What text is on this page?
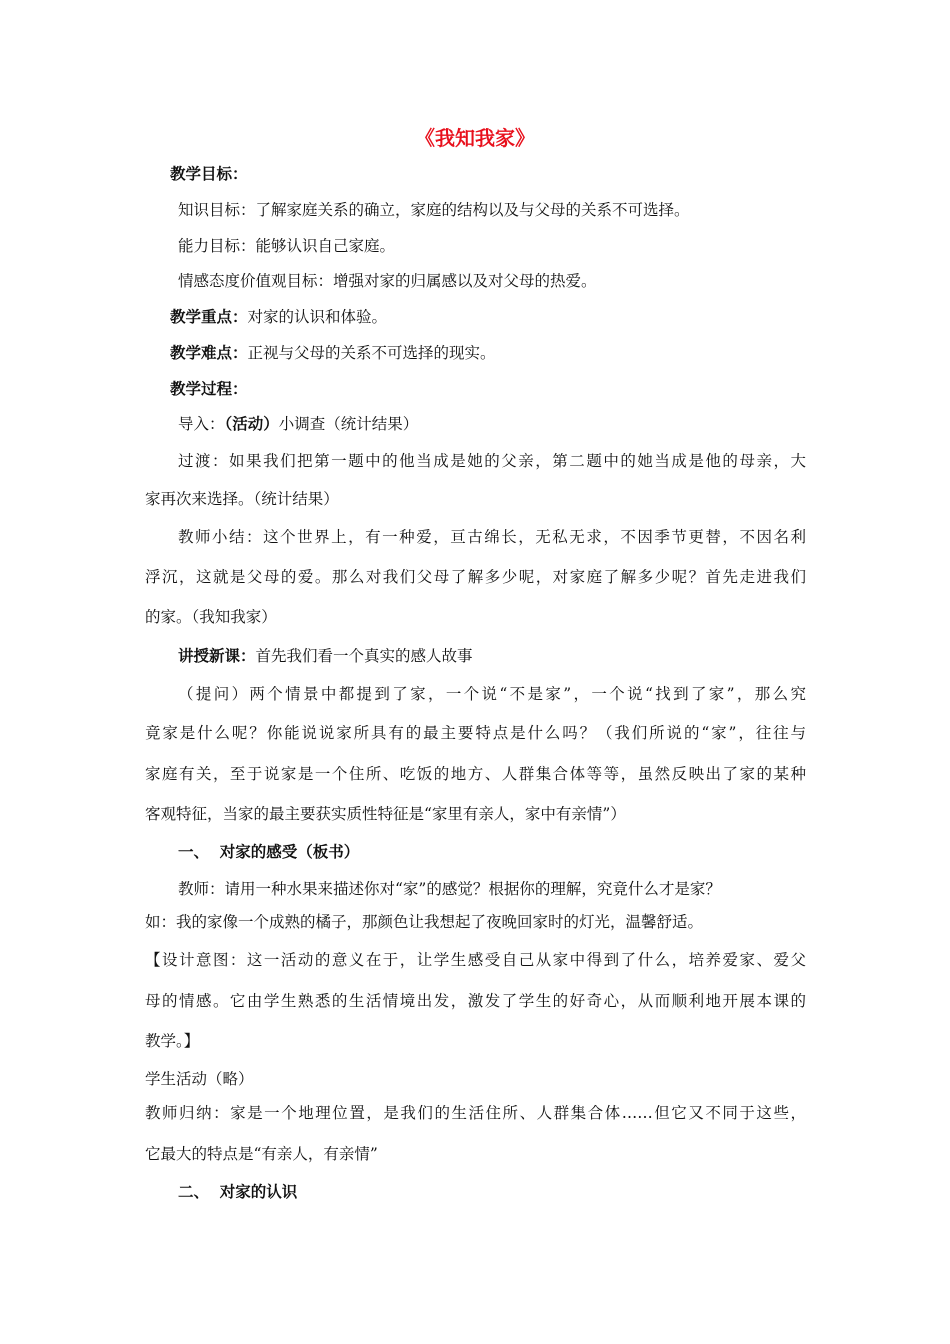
《我知我家》
教学目标：
知识目标：了解家庭关系的确立，家庭的结构以及与父母的关系不可选择。
能力目标：能够认识自己家庭。
情感态度价值观目标：增强对家的归属感以及对父母的热爱。
教学重点：对家的认识和体验。
教学难点：正视与父母的关系不可选择的现实。
教学过程：
导入：（活动）小调查（统计结果）
过渡：如果我们把第一题中的他当成是她的父亲，第二题中的她当成是他的母亲，大
家再次来选择。（统计结果）
教师小结：这个世界上，有一种爱，亘古绵长，无私无求，不因季节更替，不因名利
浮沉，这就是父母的爱。那么对我们父母了解多少呢，对家庭了解多少呢？首先走进我们
的家。（我知我家）
讲授新课：首先我们看一个真实的感人故事
（提问）两个情景中都提到了家，一个说“不是家”，一个说“找到了家”，那么究
竟家是什么呢？你能说说家所具有的最主要特点是什么吗？（我们所说的“家”，往往与
家庭有关，至于说家是一个住所、吃饭的地方、人群集合体等等，虽然反映出了家的某种
客观特征，当家的最主要获实质性特征是“家里有亲人，家中有亲情”）
一、  对家的感受（板书）
教师：请用一种水果来描述你对“家”的感觉？根据你的理解，究竟什么才是家？
如：我的家像一个成熟的橘子，那颜色让我想起了夜晚回家时的灯光，温馨舒适。
【设计意图：这一活动的意义在于，让学生感受自己从家中得到了什么，培养爱家、爱父
母的情感。它由学生熟悉的生活情境出发，激发了学生的好奇心，从而顺利地开展本课的
教学。】
学生活动（略）
教师归纳：家是一个地理位置，是我们的生活住所、人群集合体……但它又不同于这些，
它最大的特点是“有亲人，有亲情”
二、  对家的认识
